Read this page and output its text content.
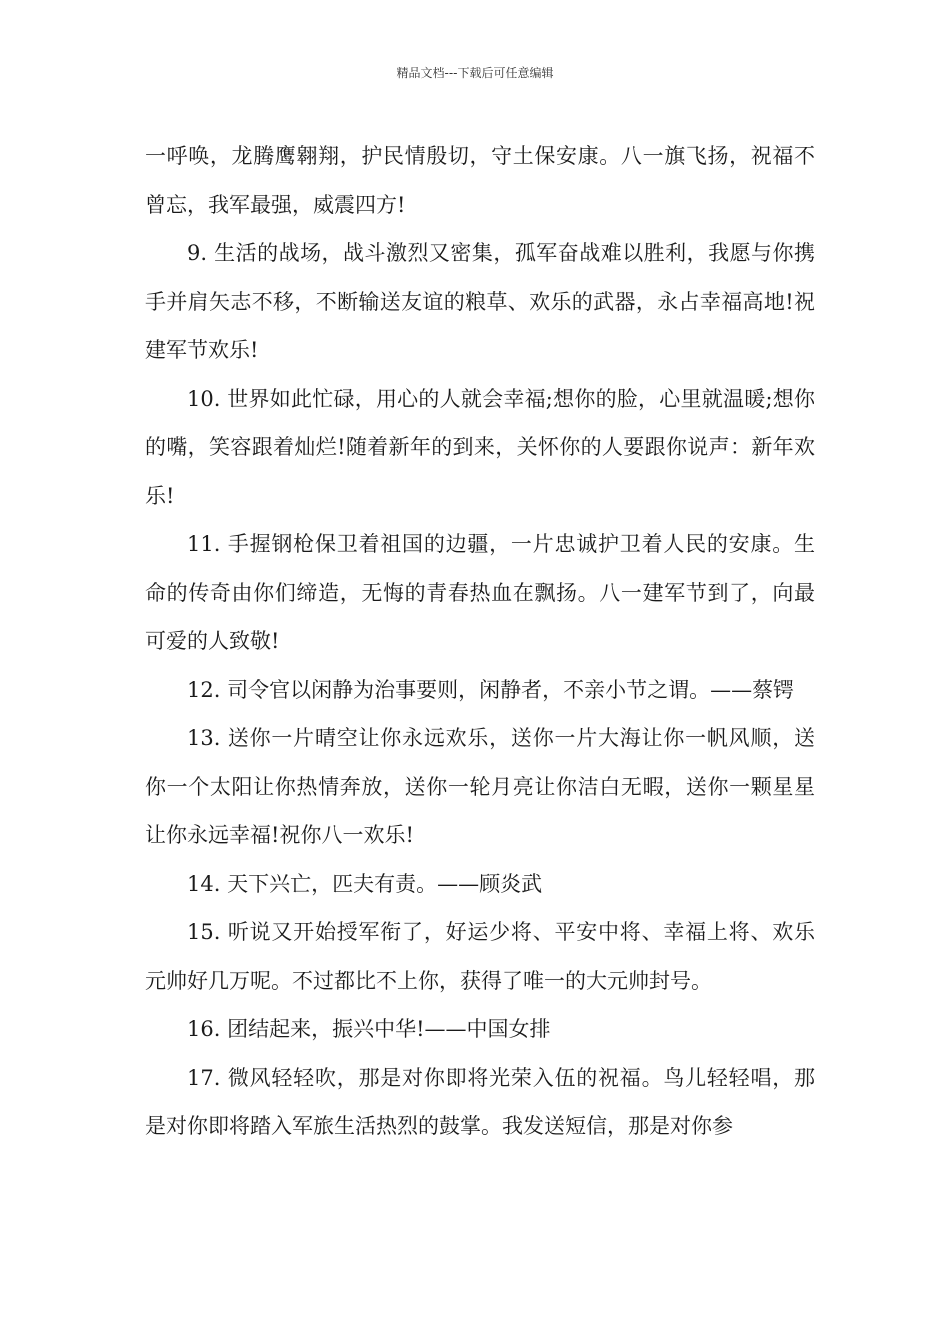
精品文档---下载后可任意编辑

一呼唤，龙腾鹰翱翔，护民情殷切，守土保安康。八一旗飞扬，祝福不曾忘，我军最强，威震四方!

9. 生活的战场，战斗激烈又密集，孤军奋战难以胜利，我愿与你携手并肩矢志不移，不断输送友谊的粮草、欢乐的武器，永占幸福高地!祝建军节欢乐!

10. 世界如此忙碌，用心的人就会幸福;想你的脸，心里就温暖;想你的嘴，笑容跟着灿烂!随着新年的到来，关怀你的人要跟你说声：新年欢乐!

11. 手握钢枪保卫着祖国的边疆，一片忠诚护卫着人民的安康。生命的传奇由你们缔造，无悔的青春热血在飘扬。八一建军节到了，向最可爱的人致敬!

12. 司令官以闲静为治事要则，闲静者，不亲小节之谓。——蔡锷

13. 送你一片晴空让你永远欢乐，送你一片大海让你一帆风顺，送你一个太阳让你热情奔放，送你一轮月亮让你洁白无暇，送你一颗星星让你永远幸福!祝你八一欢乐!

14. 天下兴亡，匹夫有责。——顾炎武

15. 听说又开始授军衔了，好运少将、平安中将、幸福上将、欢乐元帅好几万呢。不过都比不上你，获得了唯一的大元帅封号。

16. 团结起来，振兴中华!——中国女排

17. 微风轻轻吹，那是对你即将光荣入伍的祝福。鸟儿轻轻唱，那是对你即将踏入军旅生活热烈的鼓掌。我发送短信，那是对你参
